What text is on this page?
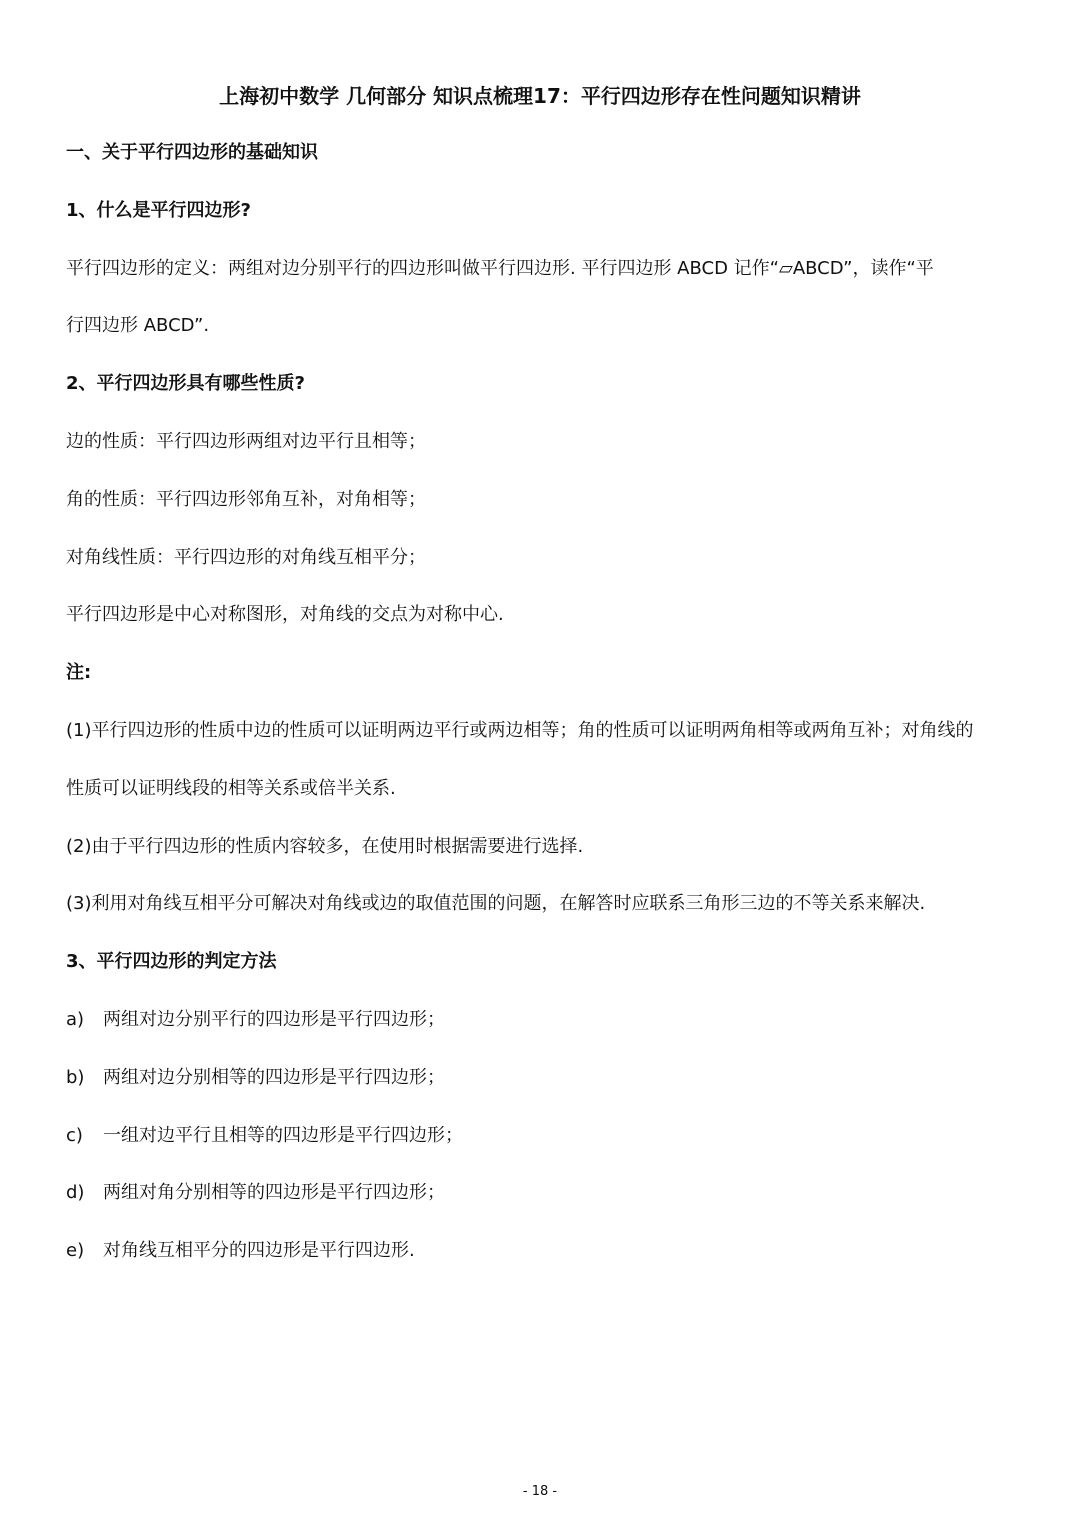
上海初中数学 几何部分 知识点梳理17：平行四边形存在性问题知识精讲
一、关于平行四边形的基础知识
1、什么是平行四边形?
平行四边形的定义：两组对边分别平行的四边形叫做平行四边形. 平行四边形 ABCD 记作“▱ABCD”，读作“平
行四边形 ABCD”.
2、平行四边形具有哪些性质?
边的性质：平行四边形两组对边平行且相等；
角的性质：平行四边形邻角互补，对角相等；
对角线性质：平行四边形的对角线互相平分；
平行四边形是中心对称图形，对角线的交点为对称中心.
注:
(1)平行四边形的性质中边的性质可以证明两边平行或两边相等；角的性质可以证明两角相等或两角互补；对角线的
性质可以证明线段的相等关系或倍半关系.
(2)由于平行四边形的性质内容较多，在使用时根据需要进行选择.
(3)利用对角线互相平分可解决对角线或边的取值范围的问题，在解答时应联系三角形三边的不等关系来解决.
3、平行四边形的判定方法
a) 两组对边分别平行的四边形是平行四边形；
b) 两组对边分别相等的四边形是平行四边形；
c) 一组对边平行且相等的四边形是平行四边形；
d) 两组对角分别相等的四边形是平行四边形；
e) 对角线互相平分的四边形是平行四边形.
- 18 -
